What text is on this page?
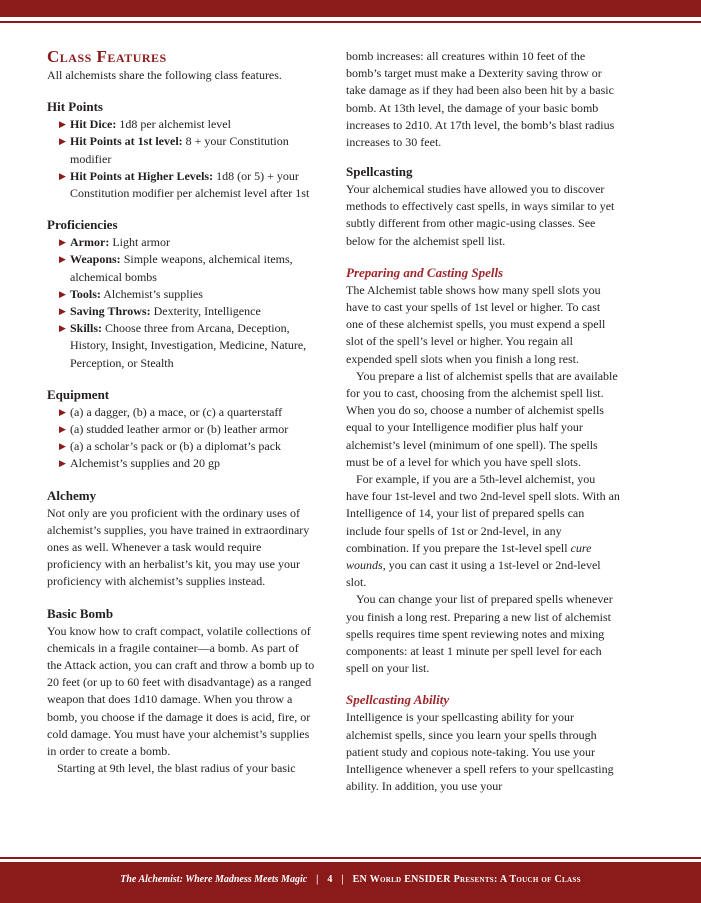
Class Features

All alchemists share the following class features.

Hit Points
▶ Hit Dice: 1d8 per alchemist level
▶ Hit Points at 1st level: 8 + your Constitution modifier
▶ Hit Points at Higher Levels: 1d8 (or 5) + your Constitution modifier per alchemist level after 1st
Proficiencies
▶ Armor: Light armor
▶ Weapons: Simple weapons, alchemical items, alchemical bombs
▶ Tools: Alchemist’s supplies
▶ Saving Throws: Dexterity, Intelligence
▶ Skills: Choose three from Arcana, Deception, History, Insight, Investigation, Medicine, Nature, Perception, or Stealth
Equipment
▶ (a) a dagger, (b) a mace, or (c) a quarterstaff
▶ (a) studded leather armor or (b) leather armor
▶ (a) a scholar’s pack or (b) a diplomat’s pack
▶ Alchemist’s supplies and 20 gp
Alchemy

Not only are you proficient with the ordinary uses of alchemist’s supplies, you have trained in extraordinary ones as well. Whenever a task would require proficiency with an herbalist’s kit, you may use your proficiency with alchemist’s supplies instead.

Basic Bomb

You know how to craft compact, volatile collections of chemicals in a fragile container—a bomb. As part of the Attack action, you can craft and throw a bomb up to 20 feet (or up to 60 feet with disadvantage) as a ranged weapon that does 1d10 damage. When you throw a bomb, you choose if the damage it does is acid, fire, or cold damage. You must have your alchemist’s supplies in order to create a bomb.

Starting at 9th level, the blast radius of your basic

bomb increases: all creatures within 10 feet of the bomb’s target must make a Dexterity saving throw or take damage as if they had been also been hit by a basic bomb. At 13th level, the damage of your basic bomb increases to 2d10. At 17th level, the bomb’s blast radius increases to 30 feet.

Spellcasting

Your alchemical studies have allowed you to discover methods to effectively cast spells, in ways similar to yet subtly different from other magic-using classes. See below for the alchemist spell list.

Preparing and Casting Spells

The Alchemist table shows how many spell slots you have to cast your spells of 1st level or higher. To cast one of these alchemist spells, you must expend a spell slot of the spell’s level or higher. You regain all expended spell slots when you finish a long rest.

You prepare a list of alchemist spells that are available for you to cast, choosing from the alchemist spell list. When you do so, choose a number of alchemist spells equal to your Intelligence modifier plus half your alchemist’s level (minimum of one spell). The spells must be of a level for which you have spell slots.

For example, if you are a 5th-level alchemist, you have four 1st-level and two 2nd-level spell slots. With an Intelligence of 14, your list of prepared spells can include four spells of 1st or 2nd-level, in any combination. If you prepare the 1st-level spell cure wounds, you can cast it using a 1st-level or 2nd-level slot.

You can change your list of prepared spells whenever you finish a long rest. Preparing a new list of alchemist spells requires time spent reviewing notes and mixing components: at least 1 minute per spell level for each spell on your list.

Spellcasting Ability

Intelligence is your spellcasting ability for your alchemist spells, since you learn your spells through patient study and copious note-taking. You use your Intelligence whenever a spell refers to your spellcasting ability. In addition, you use your

The Alchemist: Where Madness Meets Magic | 4 | EN World ENSIDER Presents: A Touch of Class
